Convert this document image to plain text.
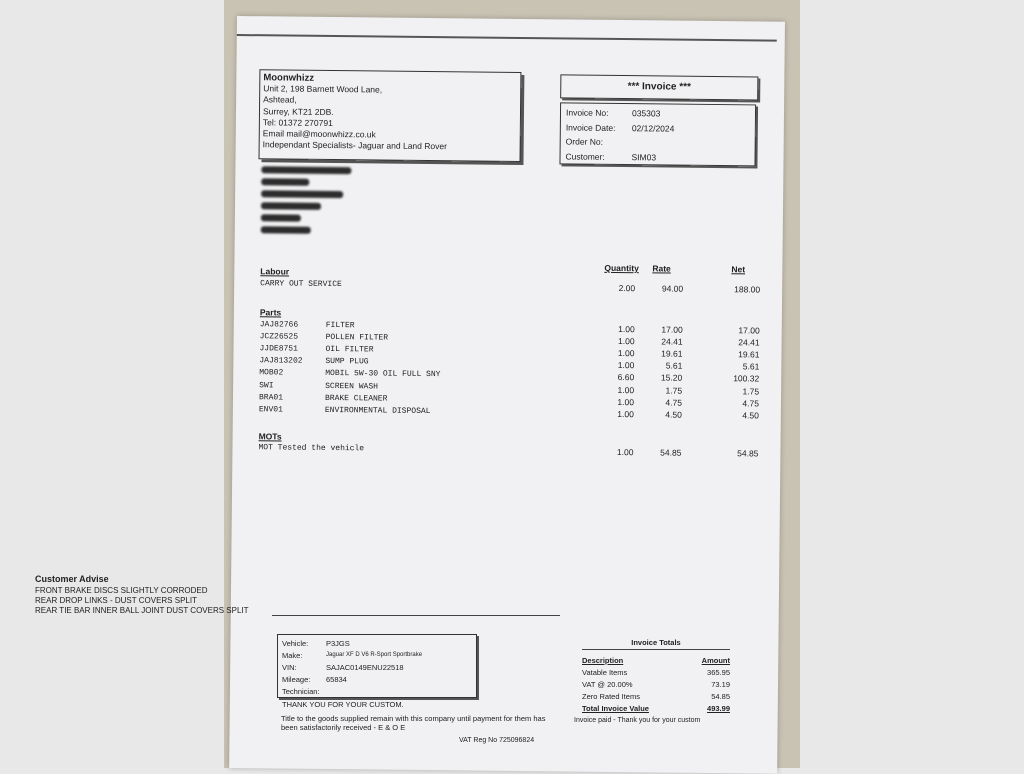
Moonwhizz
Unit 2, 198 Barnett Wood Lane,
Ashtead,
Surrey, KT21 2DB.
Tel: 01372 270791
Email mail@moonwhizz.co.uk
Independant Specialists- Jaguar and Land Rover
*** Invoice ***
Invoice No:	035303
Invoice Date:	02/12/2024
Order No:
Customer:	SIM03
Quantity Rate	Net
Labour
CARRY OUT SERVICE	2.00	94.00	188.00
Parts
JAJ82766	FILTER	1.00	17.00	17.00
JCZ26525	POLLEN FILTER	1.00	24.41	24.41
JJDE8751	OIL FILTER	1.00	19.61	19.61
JAJ813202	SUMP PLUG	1.00	5.61	5.61
MOB02	MOBIL 5W-30 OIL FULL SNY	6.60	15.20	100.32
SWI	SCREEN WASH	1.00	1.75	1.75
BRA01	BRAKE CLEANER	1.00	4.75	4.75
ENV01	ENVIRONMENTAL DISPOSAL	1.00	4.50	4.50
MOTs
MOT Tested the vehicle	1.00	54.85	54.85
Customer Advise
FRONT BRAKE DISCS SLIGHTLY CORRODED
REAR DROP LINKS - DUST COVERS SPLIT
REAR TIE BAR INNER BALL JOINT DUST COVERS SPLIT
Vehicle:	P3JGS
Make:	Jaguar XF D V6 R-Sport Sportbrake
VIN:	SAJAC0149ENU22518
Mileage:	65834
Technician:
THANK YOU FOR YOUR CUSTOM.
Title to the goods supplied remain with this company until payment for them has been satisfactorily received - E & O E
VAT Reg No 725096824
Invoice Totals
Description	Amount
Vatable Items	365.95
VAT @ 20.00%	73.19
Zero Rated Items	54.85
Total Invoice Value	493.99
Invoice paid - Thank you for your custom
